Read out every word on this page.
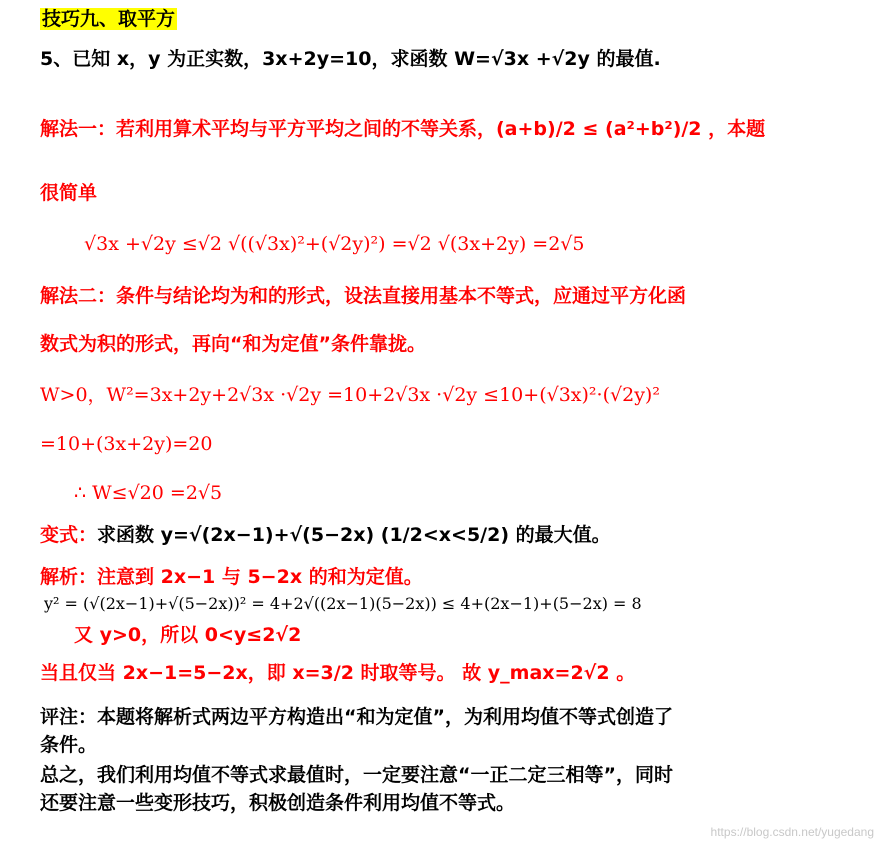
技巧九、取平方
5、已知 x，y 为正实数，3x+2y=10，求函数 W=√3x +√2y 的最值.
解法一：若利用算术平均与平方平均之间的不等关系，(a+b)/2 ≤ (a²+b²)/2 ，本题
很简单
√3x +√2y ≤√2 √((√3x)²+(√2y)²) =√2 √(3x+2y) =2√5
解法二：条件与结论均为和的形式，设法直接用基本不等式，应通过平方化函
数式为积的形式，再向“和为定值”条件靠拢。
W>0，W²=3x+2y+2√3x ·√2y =10+2√3x ·√2y ≤10+(√3x)²·(√2y)²
=10+(3x+2y)=20
∴ W≤√20 =2√5
变式：求函数 y=√(2x−1)+√(5−2x) (1/2<x<5/2) 的最大值。
解析：注意到 2x−1 与 5−2x 的和为定值。
y² = (√(2x−1)+√(5−2x))² = 4+2√((2x−1)(5−2x)) ≤ 4+(2x−1)+(5−2x) = 8
又 y>0，所以 0<y≤2√2
当且仅当 2x−1=5−2x，即 x=3/2 时取等号。 故 y_max=2√2 。
评注：本题将解析式两边平方构造出“和为定值”，为利用均值不等式创造了
条件。
总之，我们利用均值不等式求最值时，一定要注意“一正二定三相等”，同时
还要注意一些变形技巧，积极创造条件利用均值不等式。
https://blog.csdn.net/yugedang
